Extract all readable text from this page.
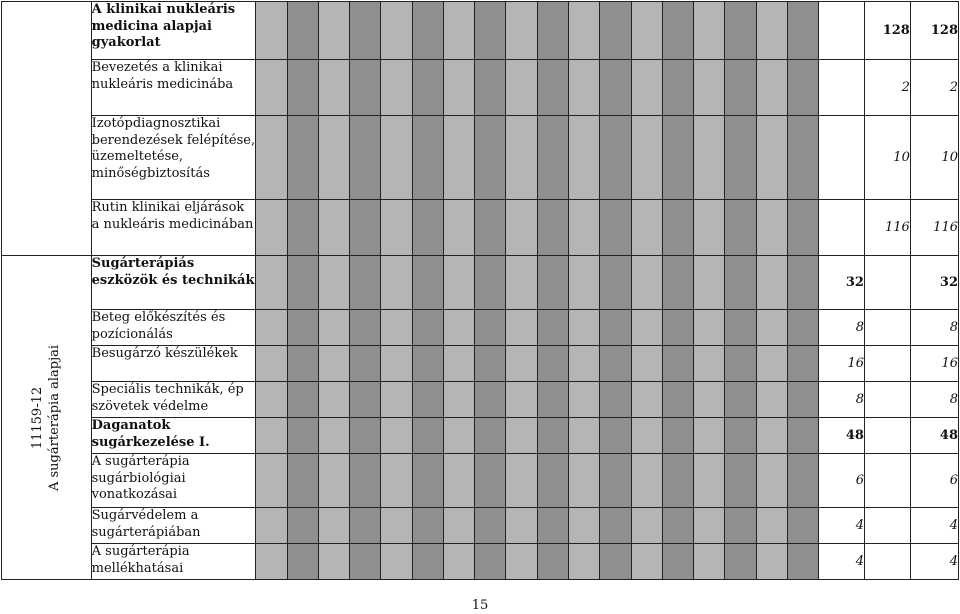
	A klinikai nukleáris medicina alapjai gyakorlat																				128	128
	Bevezetés a klinikai nukleáris medicinába																				2	2
	Izotópdiagnosztikai berendezések felépítése, üzemeltetése, minőségbiztosítás																				10	10
	Rutin klinikai eljárások a nukleáris medicinában																				116	116

11159-12 A sugárterápia alapjai	Sugárterápiás eszközök és technikák																			32		32
	Beteg előkészítés és pozícionálás																			8		8
	Besugárzó készülékek																			16		16
	Speciális technikák, ép szövetek védelme																			8		8
	Daganatok sugárkezelése I.																			48		48
	A sugárterápia sugárbiológiai vonatkozásai																			6		6
	Sugárvédelem a sugárterápiában																			4		4
	A sugárterápia mellékhatásai																			4		4
15
